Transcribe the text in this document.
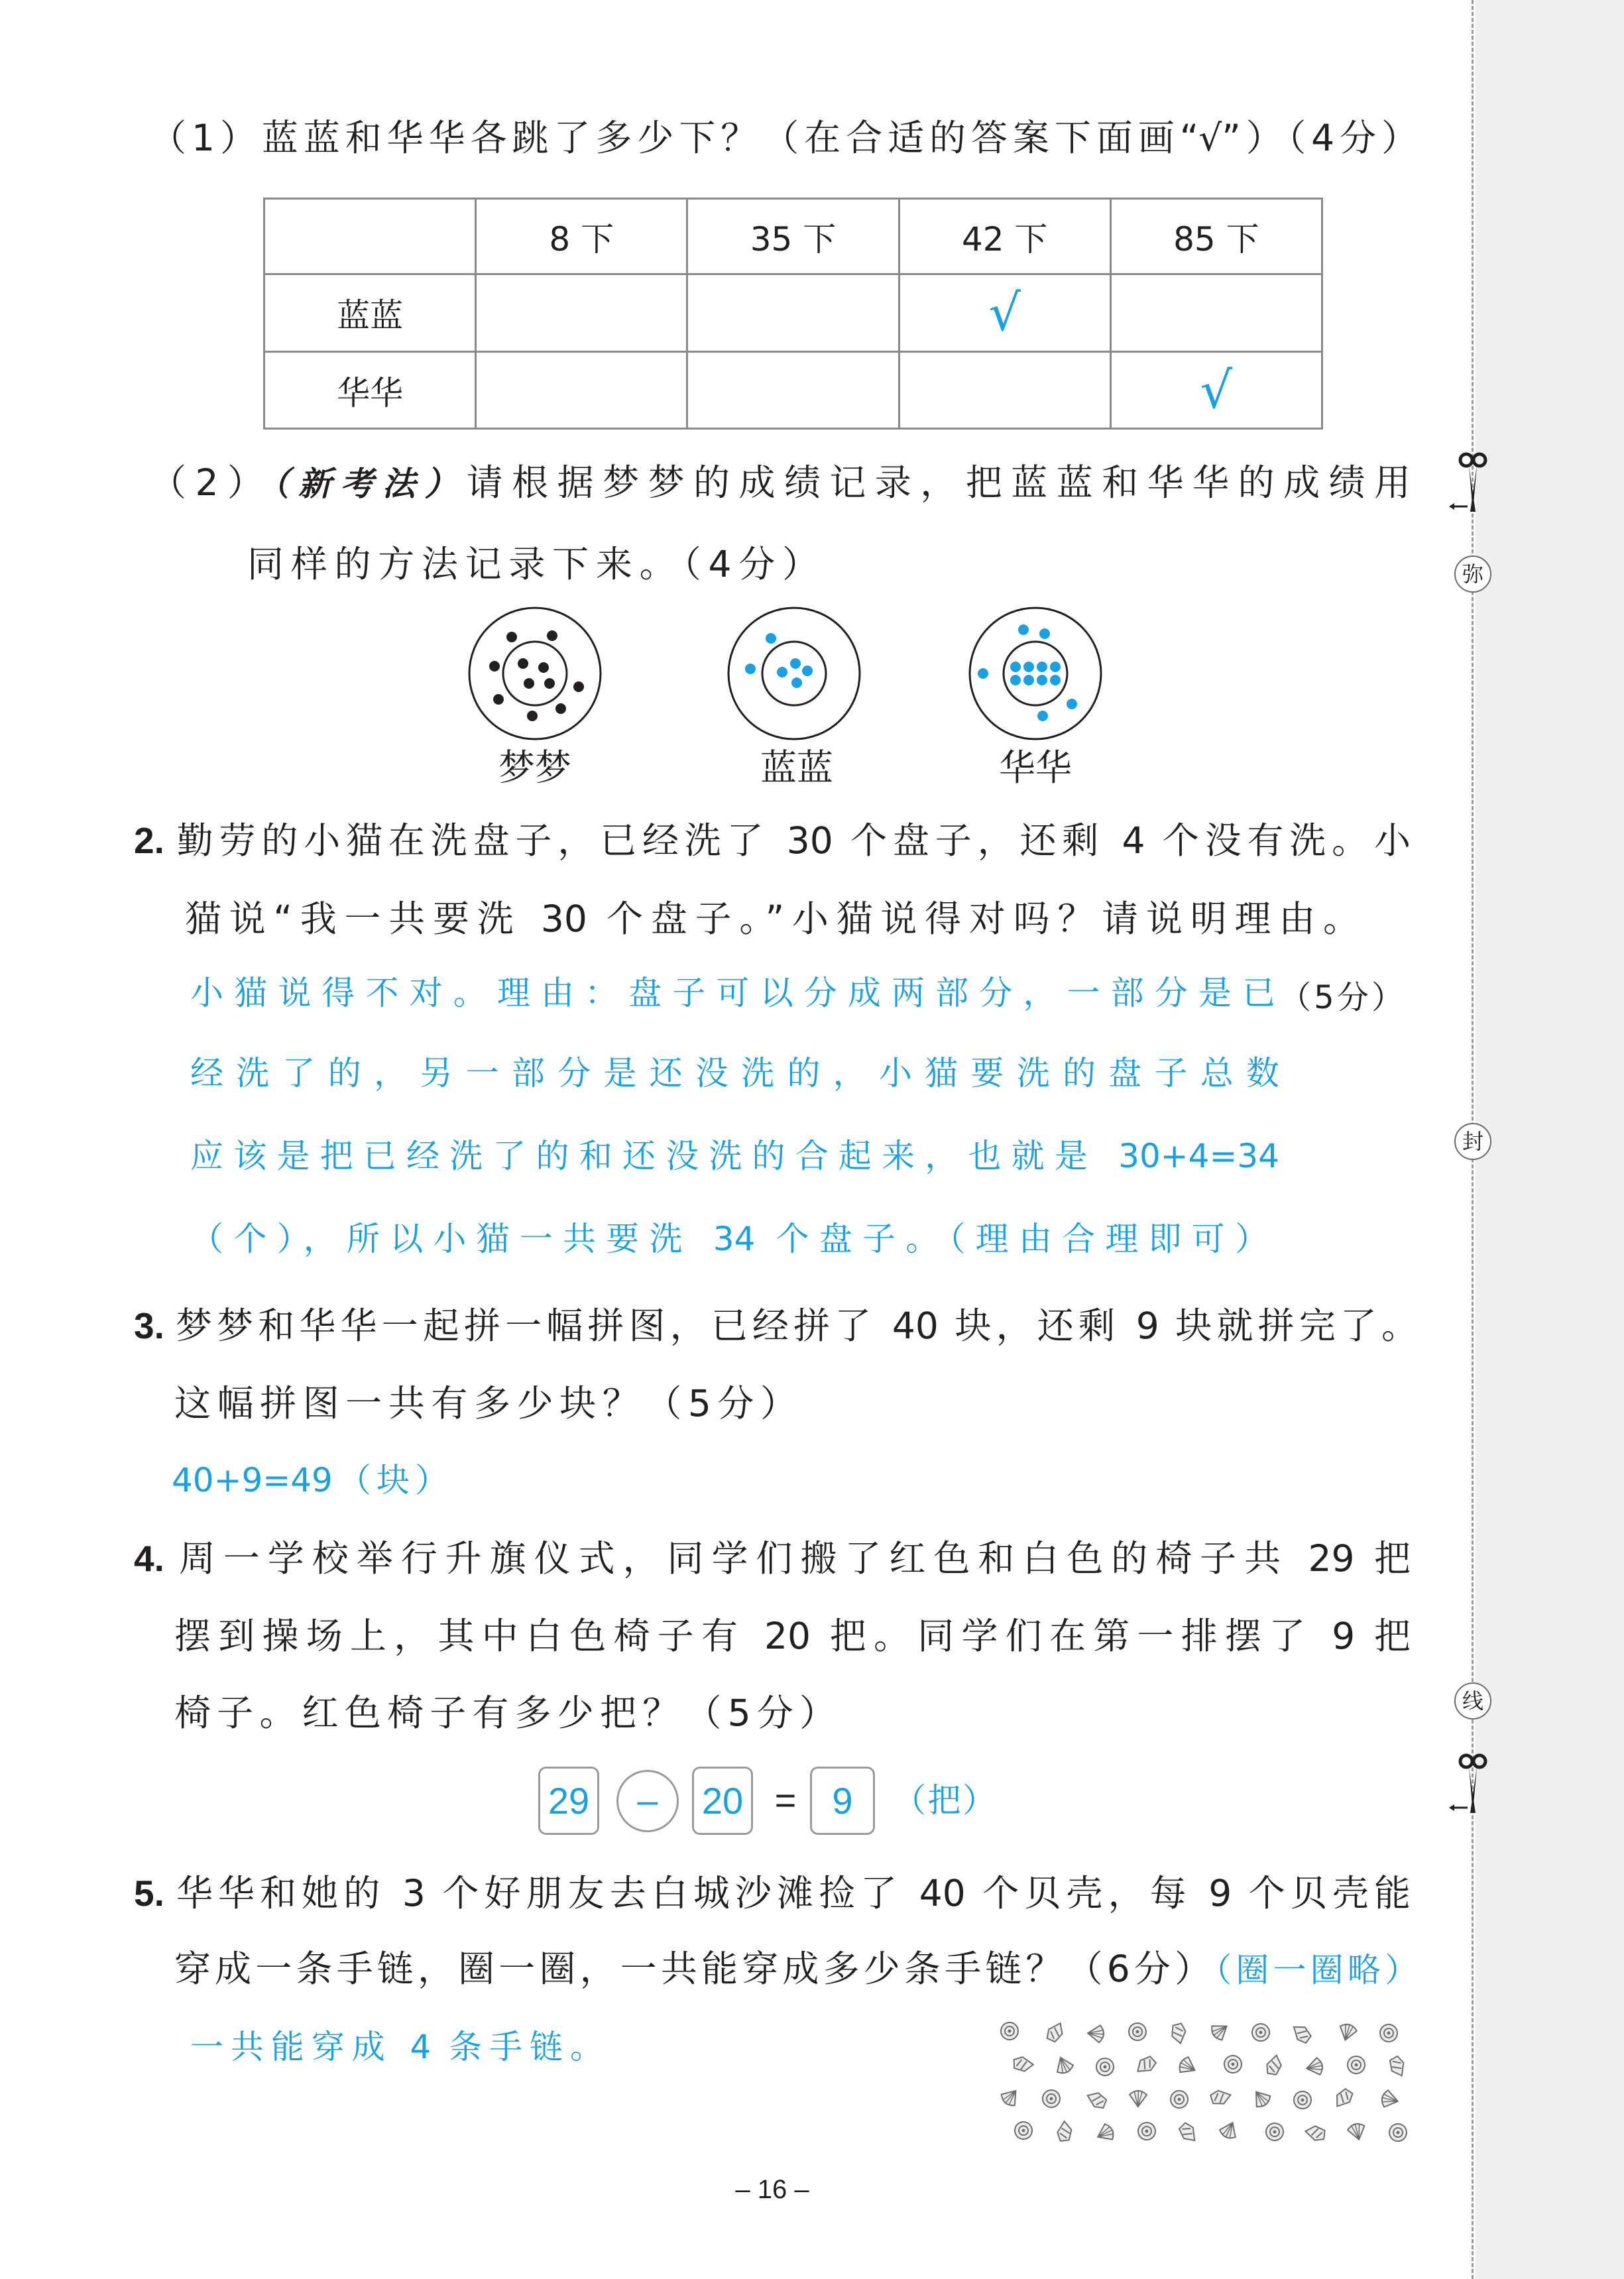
弥
封
线
（1）蓝蓝和华华各跳了多少下？（在合适的答案下面画“√”）（4分）
	8 下	35 下	42 下	85 下
蓝蓝			√	
华华				√
（2）（新考法）请根据梦梦的成绩记录，把蓝蓝和华华的成绩用
同样的方法记录下来。（4分）
梦梦	蓝蓝	华华
2. 勤劳的小猫在洗盘子，已经洗了 30 个盘子，还剩 4 个没有洗。小
猫说“我一共要洗 30 个盘子。”小猫说得对吗？请说明理由。
小猫说得不对。理由：盘子可以分成两部分，一部分是已 （5分）
经洗了的，另一部分是还没洗的，小猫要洗的盘子总数
应该是把已经洗了的和还没洗的合起来，也就是 30+4=34
（个），所以小猫一共要洗 34 个盘子。（理由合理即可）
3. 梦梦和华华一起拼一幅拼图，已经拼了 40 块，还剩 9 块就拼完了。
这幅拼图一共有多少块？（5分）
40+9=49（块）
4. 周一学校举行升旗仪式，同学们搬了红色和白色的椅子共 29 把
摆到操场上，其中白色椅子有 20 把。同学们在第一排摆了 9 把
椅子。红色椅子有多少把？（5分）
29	–	20 = 9	（把）
5. 华华和她的 3 个好朋友去白城沙滩捡了 40 个贝壳，每 9 个贝壳能
穿成一条手链，圈一圈，一共能穿成多少条手链？（6分）（圈一圈略）
一共能穿成 4 条手链。
– 16 –
